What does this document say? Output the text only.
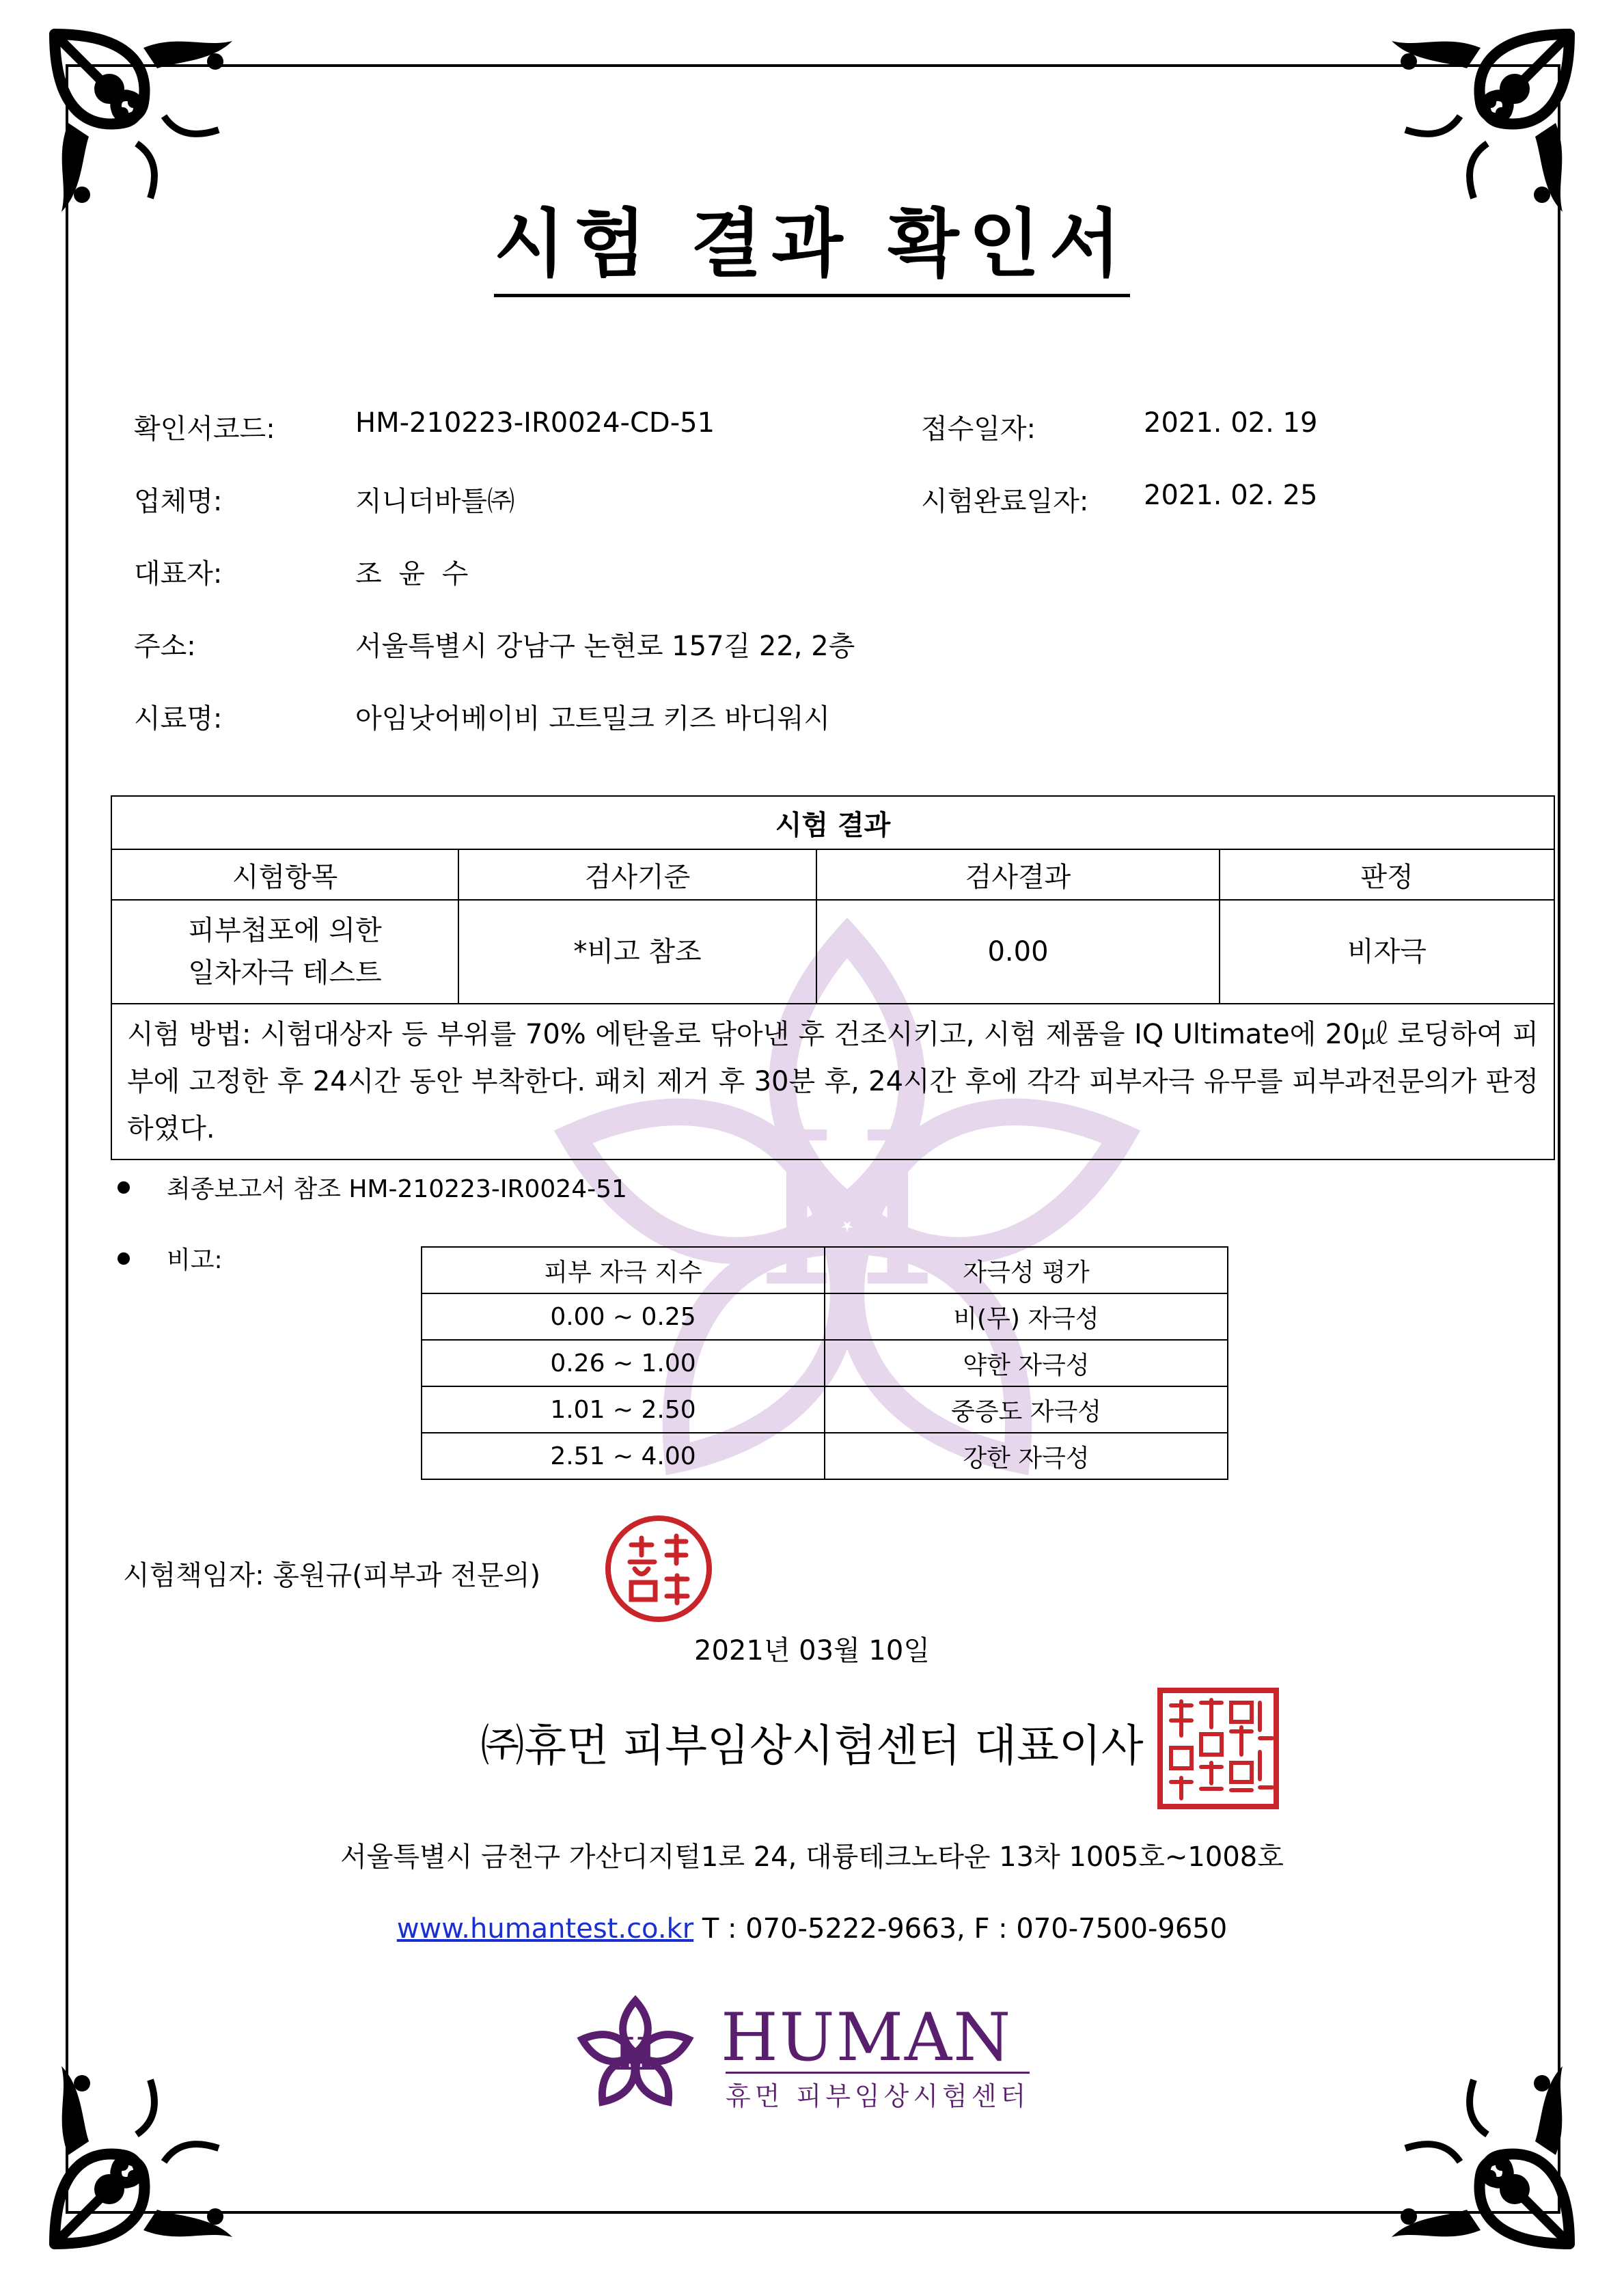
H
시험 결과 확인서
확인서코드:	HM-210223-IR0024-CD-51	접수일자:	2021. 02. 19
업체명:	지니더바틀㈜	시험완료일자: 2021. 02. 25
대표자:	조 윤 수
주소:	서울특별시 강남구 논현로 157길 22, 2층
시료명:	아임낫어베이비 고트밀크 키즈 바디워시
시험 결과			
시험항목	검사기준	검사결과	판정

피부첩포에 의한
일차자극 테스트	*비고 참조	0.00	비자극
시험 방법: 시험대상자 등 부위를 70% 에탄올로 닦아낸 후 건조시키고, 시험 제품을 IQ Ultimate에 20㎕ 로딩하여 피부에 고정한 후 24시간 동안 부착한다. 패치 제거 후 30분 후, 24시간 후에 각각 피부자극 유무를 피부과전문의가 판정하였다.			
최종보고서 참조 HM-210223-IR0024-51
비고:	피부 자극 지수	자극성 평가
0.00 ~ 0.25	비(무) 자극성
0.26 ~ 1.00	약한 자극성
1.01 ~ 2.50	중증도 자극성
2.51 ~ 4.00	강한 자극성
시험책임자: 홍원규(피부과 전문의)
2021년 03월 10일
㈜휴먼 피부임상시험센터 대표이사
서울특별시 금천구 가산디지털1로 24, 대륭테크노타운 13차 1005호~1008호
www.humantest.co.kr T : 070-5222-9663, F : 070-7500-9650
H HUMAN
휴먼 피부임상시험센터
